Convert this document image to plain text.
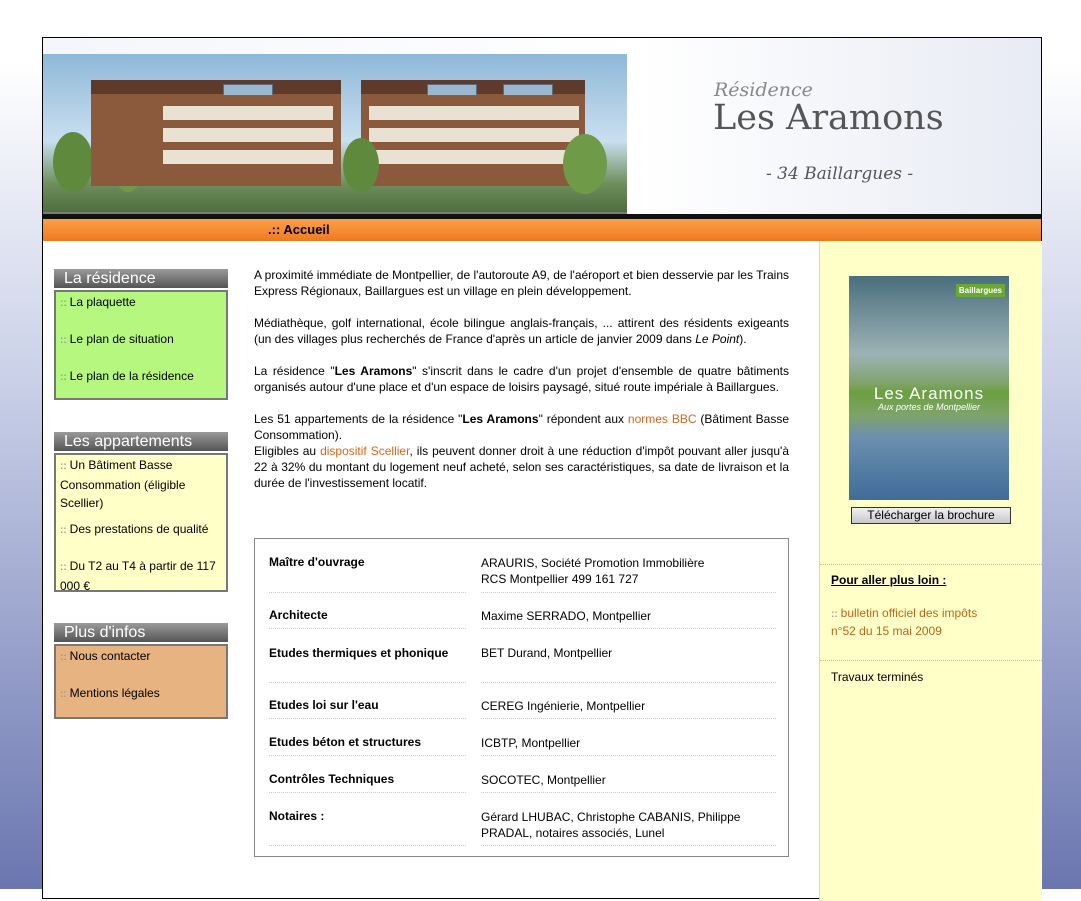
Résidence
Les Aramons
- 34 Baillargues -
.:: Accueil
La résidence
:: La plaquette
:: Le plan de situation
:: Le plan de la résidence
Les appartements
:: Un Bâtiment Basse Consommation (éligible Scellier)
:: Des prestations de qualité
:: Du T2 au T4 à partir de 117 000 €
Plus d'infos
:: Nous contacter
:: Mentions légales

A proximité immédiate de Montpellier, de l'autoroute A9, de l'aéroport et bien desservie par les Trains Express Régionaux, Baillargues est un village en plein développement.

Médiathèque, golf international, école bilingue anglais-français, ... attirent des résidents exigeants (un des villages plus recherchés de France d'après un article de janvier 2009 dans Le Point).

La résidence "Les Aramons" s'inscrit dans le cadre d'un projet d'ensemble de quatre bâtiments organisés autour d'une place et d'un espace de loisirs paysagé, situé route impériale à Baillargues.

Les 51 appartements de la résidence "Les Aramons" répondent aux normes BBC (Bâtiment Basse Consommation).
Eligibles au dispositif Scellier, ils peuvent donner droit à une réduction d'impôt pouvant aller jusqu'à 22 à 32% du montant du logement neuf acheté, selon ses caractéristiques, sa date de livraison et la durée de l'investissement locatif.

Maître d'ouvrage	ARAURIS, Société Promotion Immobilière
RCS Montpellier 499 161 727
Architecte	Maxime SERRADO, Montpellier
Etudes thermiques et phonique	BET Durand, Montpellier
Etudes loi sur l'eau	CEREG Ingénierie, Montpellier
Etudes béton et structures	ICBTP, Montpellier
Contrôles Techniques	SOCOTEC, Montpellier
Notaires :	Gérard LHUBAC, Christophe CABANIS, Philippe PRADAL, notaires associés, Lunel
Baillargues
Les Aramons
Aux portes de Montpellier
Télécharger la brochure
Pour aller plus loin :
:: bulletin officiel des impôts
n°52 du 15 mai 2009
Travaux terminés
